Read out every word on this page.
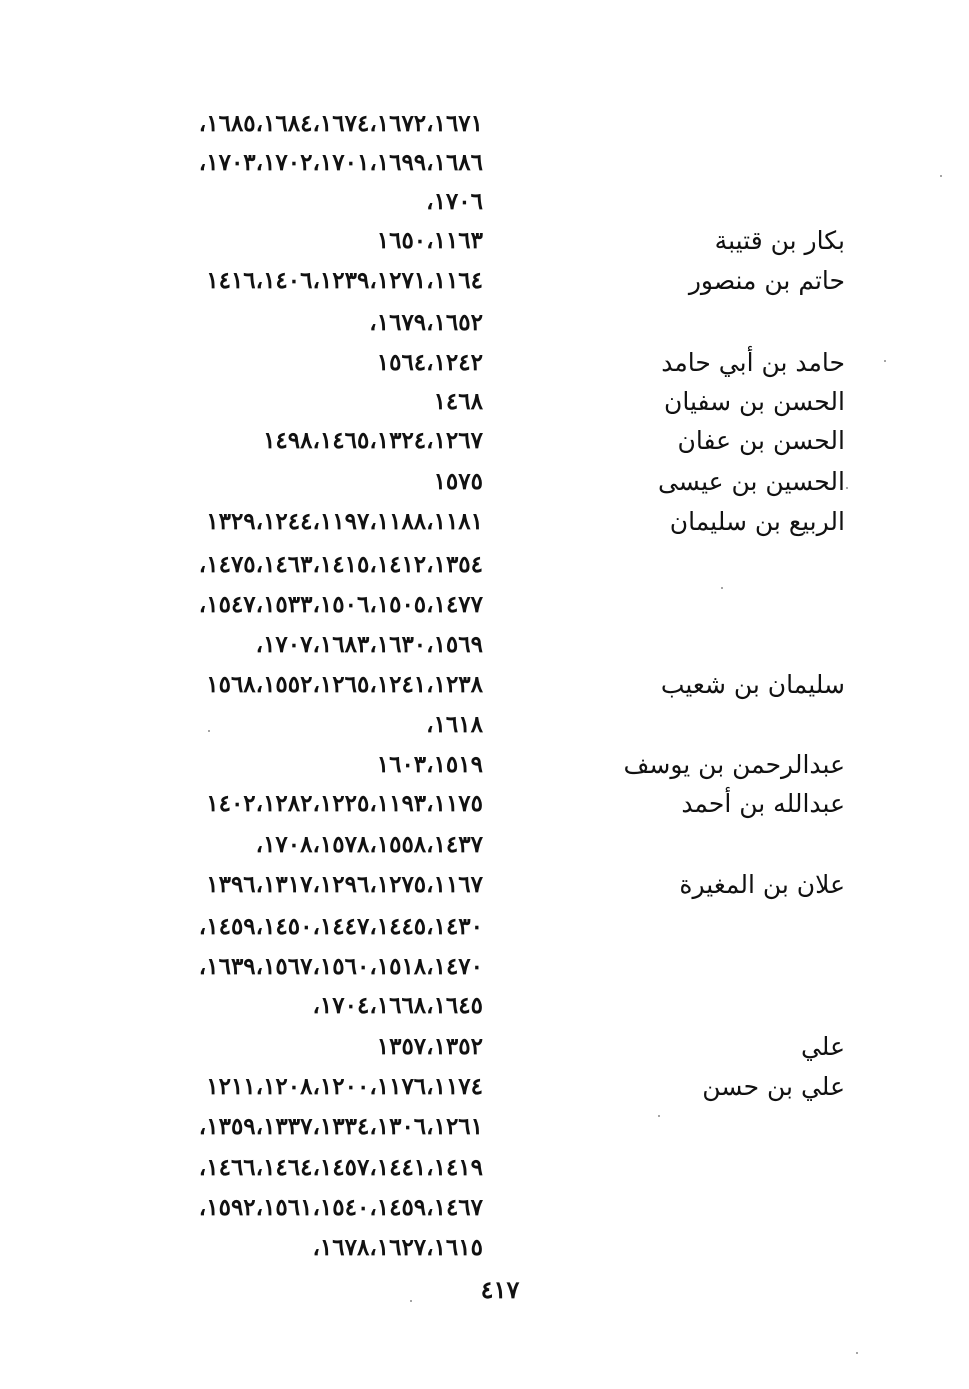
١٦٨٥،١٦٨٤،١٦٧٤،١٦٧٢،١٦٧١،
١٧٠٣،١٧٠٢،١٧٠١،١٦٩٩،١٦٨٦،
١٧٠٦،
بكار بن قتيبة
١٦٥٠،١١٦٣
حاتم بن منصور
١٤١٦،١٤٠٦،١٢٣٩،١٢٧١،١١٦٤
١٦٧٩،١٦٥٢،
حامد بن أبي حامد
١٥٦٤،١٢٤٢
الحسن بن سفيان
١٤٦٨
الحسن بن عفان
١٤٩٨،١٤٦٥،١٣٢٤،١٢٦٧
الحسين بن عيسى
١٥٧٥
الربيع بن سليمان
١٣٢٩،١٢٤٤،١١٩٧،١١٨٨،١١٨١
١٤٧٥،١٤٦٣،١٤١٥،١٤١٢،١٣٥٤،
١٥٤٧،١٥٣٣،١٥٠٦،١٥٠٥،١٤٧٧،
١٧٠٧،١٦٨٣،١٦٣٠،١٥٦٩،
سليمان بن شعيب
١٥٦٨،١٥٥٢،١٢٦٥،١٢٤١،١٢٣٨
١٦١٨،
عبدالرحمن بن يوسف
١٦٠٣،١٥١٩
عبدالله بن أحمد
١٤٠٢،١٢٨٢،١٢٢٥،١١٩٣،١١٧٥
١٧٠٨،١٥٧٨،١٥٥٨،١٤٣٧،
علان بن المغيرة
١٣٩٦،١٣١٧،١٢٩٦،١٢٧٥،١١٦٧
١٤٥٩،١٤٥٠،١٤٤٧،١٤٤٥،١٤٣٠،
١٦٣٩،١٥٦٧،١٥٦٠،١٥١٨،١٤٧٠،
١٧٠٤،١٦٦٨،١٦٤٥،
علي
١٣٥٧،١٣٥٢
علي بن حسن
١٢١١،١٢٠٨،١٢٠٠،١١٧٦،١١٧٤
١٣٥٩،١٣٣٧،١٣٣٤،١٣٠٦،١٢٦١،
١٤٦٦،١٤٦٤،١٤٥٧،١٤٤١،١٤١٩،
١٥٩٢،١٥٦١،١٥٤٠،١٤٥٩،١٤٦٧،
١٦٧٨،١٦٢٧،١٦١٥،
٤١٧
